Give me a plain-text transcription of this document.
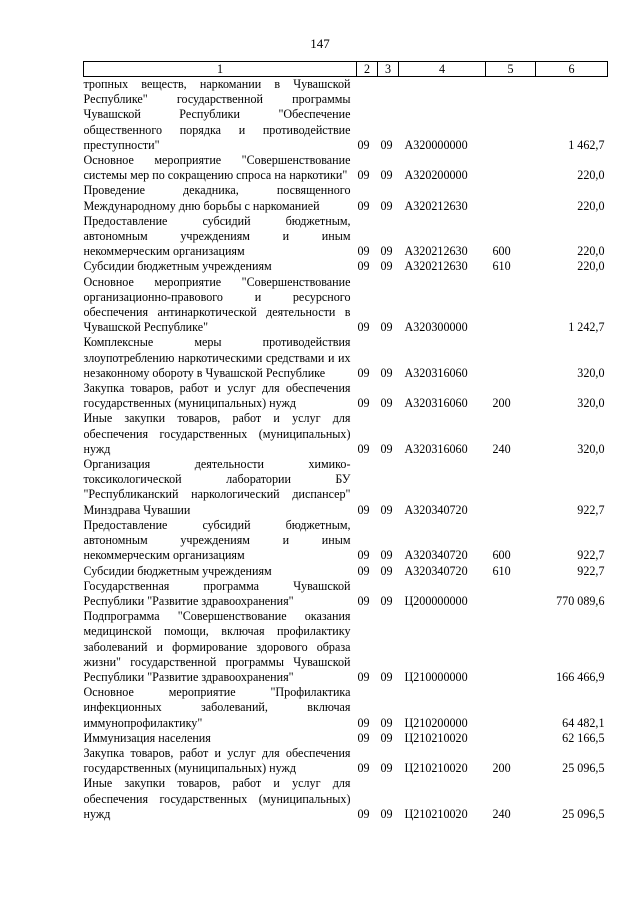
147
1	2	3	4	5	6
тропных веществ, наркомании в Чувашской Республике" государственной программы Чувашской Республики "Обеспечение общественного порядка и противодействие преступности"	09	09	А320000000		1 462,7
Основное мероприятие "Совершенствование системы мер по сокращению спроса на наркотики"	09	09	А320200000		220,0
Проведение декадника, посвященного Международному дню борьбы с наркоманией	09	09	А320212630		220,0
Предоставление субсидий бюджетным, автономным учреждениям и иным некоммерческим организациям	09	09	А320212630	600	220,0
Субсидии бюджетным учреждениям	09	09	А320212630	610	220,0
Основное мероприятие "Совершенствование организационно-правового и ресурсного обеспечения антинаркотической деятельности в Чувашской Республике"	09	09	А320300000		1 242,7
Комплексные меры противодействия злоупотреблению наркотическими средствами и их незаконному обороту в Чувашской Республике	09	09	А320316060		320,0
Закупка товаров, работ и услуг для обеспечения государственных (муниципальных) нужд	09	09	А320316060	200	320,0
Иные закупки товаров, работ и услуг для обеспечения государственных (муниципальных) нужд	09	09	А320316060	240	320,0
Организация деятельности химико-токсикологической лаборатории БУ "Республиканский наркологический диспансер" Минздрава Чувашии	09	09	А320340720		922,7
Предоставление субсидий бюджетным, автономным учреждениям и иным некоммерческим организациям	09	09	А320340720	600	922,7
Субсидии бюджетным учреждениям	09	09	А320340720	610	922,7
Государственная программа Чувашской Республики "Развитие здравоохранения"	09	09	Ц200000000		770 089,6
Подпрограмма "Совершенствование оказания медицинской помощи, включая профилактику заболеваний и формирование здорового образа жизни" государственной программы Чувашской Республики "Развитие здравоохранения"	09	09	Ц210000000		166 466,9
Основное мероприятие "Профилактика инфекционных заболеваний, включая иммунопрофилактику"	09	09	Ц210200000		64 482,1
Иммунизация населения	09	09	Ц210210020		62 166,5
Закупка товаров, работ и услуг для обеспечения государственных (муниципальных) нужд	09	09	Ц210210020	200	25 096,5
Иные закупки товаров, работ и услуг для обеспечения государственных (муниципальных) нужд	09	09	Ц210210020	240	25 096,5
